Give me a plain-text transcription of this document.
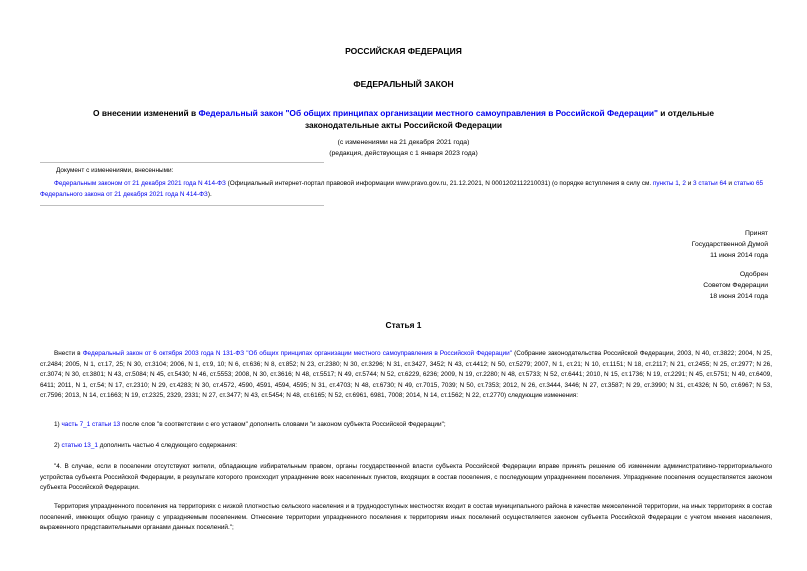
РОССИЙСКАЯ ФЕДЕРАЦИЯ
ФЕДЕРАЛЬНЫЙ ЗАКОН
О внесении изменений в Федеральный закон "Об общих принципах организации местного самоуправления в Российской Федерации" и отдельные законодательные акты Российской Федерации
(с изменениями на 21 декабря 2021 года)
(редакция, действующая с 1 января 2023 года)
Документ с изменениями, внесенными:
Федеральным законом от 21 декабря 2021 года N 414-ФЗ (Официальный интернет-портал правовой информации www.pravo.gov.ru, 21.12.2021, N 0001202112210031) (о порядке вступления в силу см. пункты 1, 2 и 3 статьи 64 и статью 65 Федерального закона от 21 декабря 2021 года N 414-ФЗ).
Принят
Государственной Думой
11 июня 2014 года
Одобрен
Советом Федерации
18 июня 2014 года
Статья 1
Внести в Федеральный закон от 6 октября 2003 года N 131-ФЗ "Об общих принципах организации местного самоуправления в Российской Федерации" (Собрание законодательства Российской Федерации, 2003, N 40, ст.3822; 2004, N 25, ст.2484; 2005, N 1, ст.17, 25; N 30, ст.3104; 2006, N 1, ст.9, 10; N 6, ст.636; N 8, ст.852; N 23, ст.2380; N 30, ст.3296; N 31, ст.3427, 3452; N 43, ст.4412; N 50, ст.5279; 2007, N 1, ст.21; N 10, ст.1151; N 18, ст.2117; N 21, ст.2455; N 25, ст.2977; N 26, ст.3074; N 30, ст.3801; N 43, ст.5084; N 45, ст.5430; N 46, ст.5553; 2008, N 30, ст.3616; N 48, ст.5517; N 49, ст.5744; N 52, ст.6229, 6236; 2009, N 19, ст.2280; N 48, ст.5733; N 52, ст.6441; 2010, N 15, ст.1736; N 19, ст.2291; N 45, ст.5751; N 49, ст.6409, 6411; 2011, N 1, ст.54; N 17, ст.2310; N 29, ст.4283; N 30, ст.4572, 4590, 4591, 4594, 4595; N 31, ст.4703; N 48, ст.6730; N 49, ст.7015, 7039; N 50, ст.7353; 2012, N 26, ст.3444, 3446; N 27, ст.3587; N 29, ст.3990; N 31, ст.4326; N 50, ст.6967; N 53, ст.7596; 2013, N 14, ст.1663; N 19, ст.2325, 2329, 2331; N 27, ст.3477; N 43, ст.5454; N 48, ст.6165; N 52, ст.6961, 6981, 7008; 2014, N 14, ст.1562; N 22, ст.2770) следующие изменения:
1) часть 7_1 статьи 13 после слов "в соответствии с его уставом" дополнить словами "и законом субъекта Российской Федерации";
2) статью 13_1 дополнить частью 4 следующего содержания:
"4. В случае, если в поселении отсутствуют жители, обладающие избирательным правом, органы государственной власти субъекта Российской Федерации вправе принять решение об изменении административно-территориального устройства субъекта Российской Федерации, в результате которого происходит упразднение всех населенных пунктов, входящих в состав поселения, с последующим упразднением поселения. Упразднение поселения осуществляется законом субъекта Российской Федерации.
Территория упраздненного поселения на территориях с низкой плотностью сельского населения и в труднодоступных местностях входит в состав муниципального района в качестве межселенной территории, на иных территориях в состав поселений, имеющих общую границу с упраздняемым поселением. Отнесение территории упраздненного поселения к территориям иных поселений осуществляется законом субъекта Российской Федерации с учетом мнения населения, выраженного представительными органами данных поселений.";
